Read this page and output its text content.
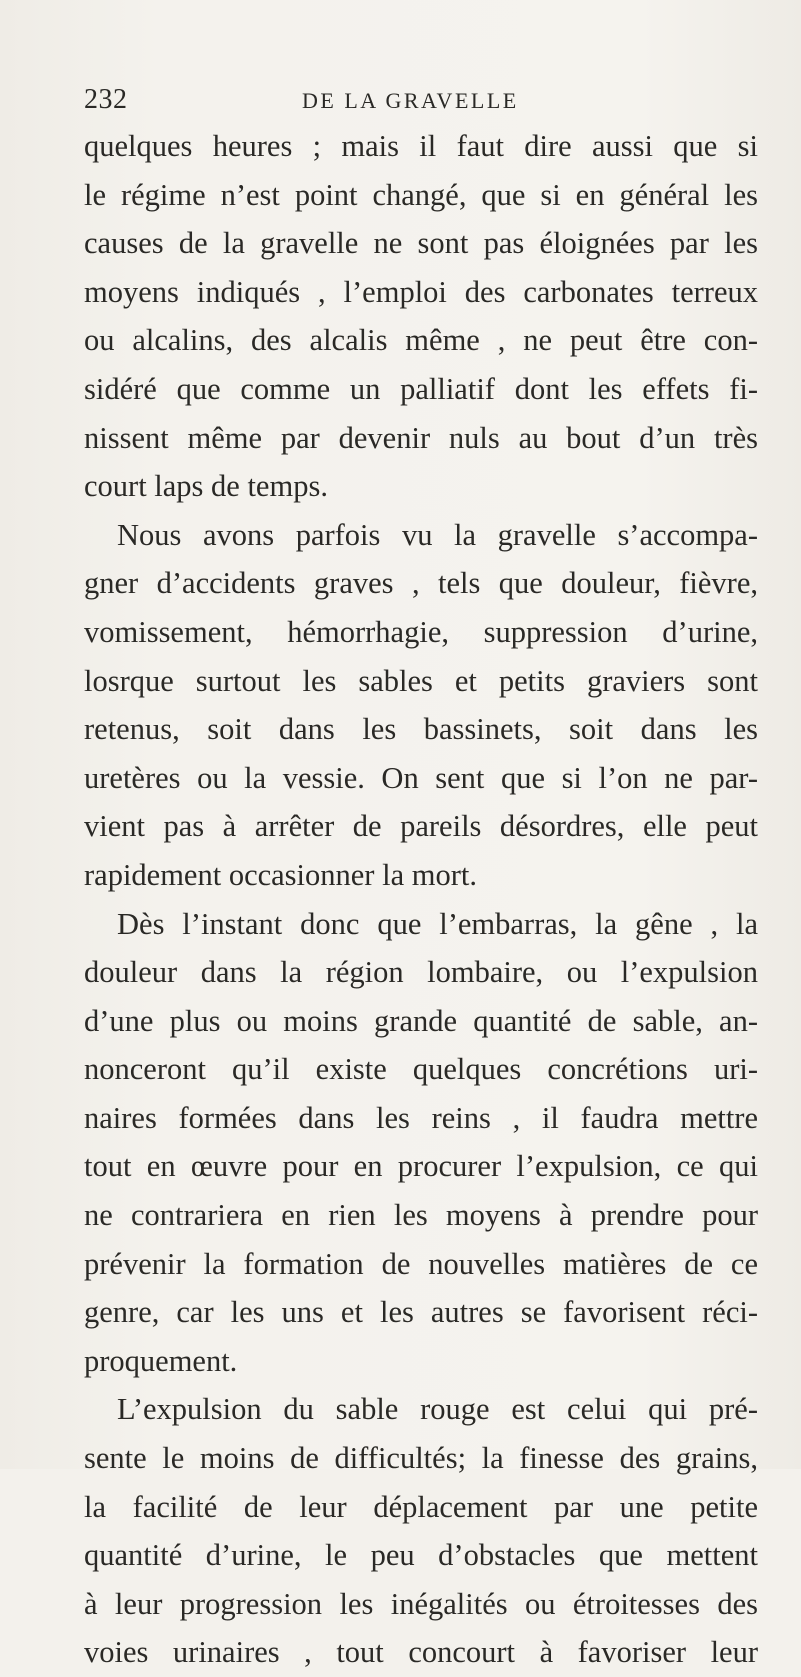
232	DE LA GRAVELLE
quelques heures ; mais il faut dire aussi que si
le régime n’est point changé, que si en général les
causes de la gravelle ne sont pas éloignées par les
moyens indiqués , l’emploi des carbonates terreux
ou alcalins, des alcalis même , ne peut être con-
sidéré que comme un palliatif dont les effets fi-
nissent même par devenir nuls au bout d’un très
court laps de temps.
Nous avons parfois vu la gravelle s’accompa-
gner d’accidents graves , tels que douleur, fièvre,
vomissement, hémorrhagie, suppression d’urine,
losrque surtout les sables et petits graviers sont
retenus, soit dans les bassinets, soit dans les
uretères ou la vessie. On sent que si l’on ne par-
vient pas à arrêter de pareils désordres, elle peut
rapidement occasionner la mort.
Dès l’instant donc que l’embarras, la gêne , la
douleur dans la région lombaire, ou l’expulsion
d’une plus ou moins grande quantité de sable, an-
nonceront qu’il existe quelques concrétions uri-
naires formées dans les reins , il faudra mettre
tout en œuvre pour en procurer l’expulsion, ce qui
ne contrariera en rien les moyens à prendre pour
prévenir la formation de nouvelles matières de ce
genre, car les uns et les autres se favorisent réci-
proquement.
L’expulsion du sable rouge est celui qui pré-
sente le moins de difficultés; la finesse des grains,
la facilité de leur déplacement par une petite
quantité d’urine, le peu d’obstacles que mettent
à leur progression les inégalités ou étroitesses des
voies urinaires , tout concourt à favoriser leur
